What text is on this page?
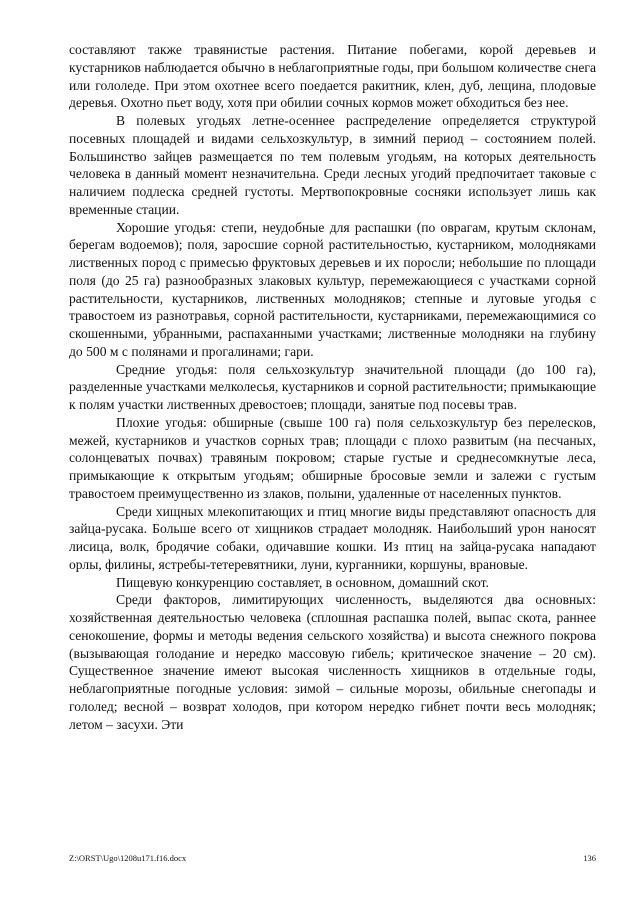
составляют также травянистые растения. Питание побегами, корой деревьев и кустарников наблюдается обычно в неблагоприятные годы, при большом количестве снега или гололеде. При этом охотнее всего поедается ракитник, клен, дуб, лещина, плодовые деревья. Охотно пьет воду, хотя при обилии сочных кормов может обходиться без нее.

В полевых угодьях летне-осеннее распределение определяется структурой посевных площадей и видами сельхозкультур, в зимний период – состоянием полей. Большинство зайцев размещается по тем полевым угодьям, на которых деятельность человека в данный момент незначительна. Среди лесных угодий предпочитает таковые с наличием подлеска средней густоты. Мертвопокровные сосняки использует лишь как временные стации.

Хорошие угодья: степи, неудобные для распашки (по оврагам, крутым склонам, берегам водоемов); поля, заросшие сорной растительностью, кустарником, молодняками лиственных пород с примесью фруктовых деревьев и их поросли; небольшие по площади поля (до 25 га) разнообразных злаковых культур, перемежающиеся с участками сорной растительности, кустарников, лиственных молодняков; степные и луговые угодья с травостоем из разнотравья, сорной растительности, кустарниками, перемежающимися со скошенными, убранными, распаханными участками; лиственные молодняки на глубину до 500 м с полянами и прогалинами; гари.

Средние угодья: поля сельхозкультур значительной площади (до 100 га), разделенные участками мелколесья, кустарников и сорной растительности; примыкающие к полям участки лиственных древостоев; площади, занятые под посевы трав.

Плохие угодья: обширные (свыше 100 га) поля сельхозкультур без перелесков, межей, кустарников и участков сорных трав; площади с плохо развитым (на песчаных, солонцеватых почвах) травяным покровом; старые густые и среднесомкнутые леса, примыкающие к открытым угодьям; обширные бросовые земли и залежи с густым травостоем преимущественно из злаков, полыни, удаленные от населенных пунктов.

Среди хищных млекопитающих и птиц многие виды представляют опасность для зайца-русака. Больше всего от хищников страдает молодняк. Наибольший урон наносят лисица, волк, бродячие собаки, одичавшие кошки. Из птиц на зайца-русака нападают орлы, филины, ястребы-тетеревятники, луни, курганники, коршуны, врановые.

Пищевую конкуренцию составляет, в основном, домашний скот.

Среди факторов, лимитирующих численность, выделяются два основных: хозяйственная деятельностью человека (сплошная распашка полей, выпас скота, раннее сенокошение, формы и методы ведения сельского хозяйства) и высота снежного покрова (вызывающая голодание и нередко массовую гибель; критическое значение – 20 см). Существенное значение имеют высокая численность хищников в отдельные годы, неблагоприятные погодные условия: зимой – сильные морозы, обильные снегопады и гололед; весной – возврат холодов, при котором нередко гибнет почти весь молодняк; летом – засухи. Эти

Z:\ORST\Ugo\1208u171.f16.docx	136
